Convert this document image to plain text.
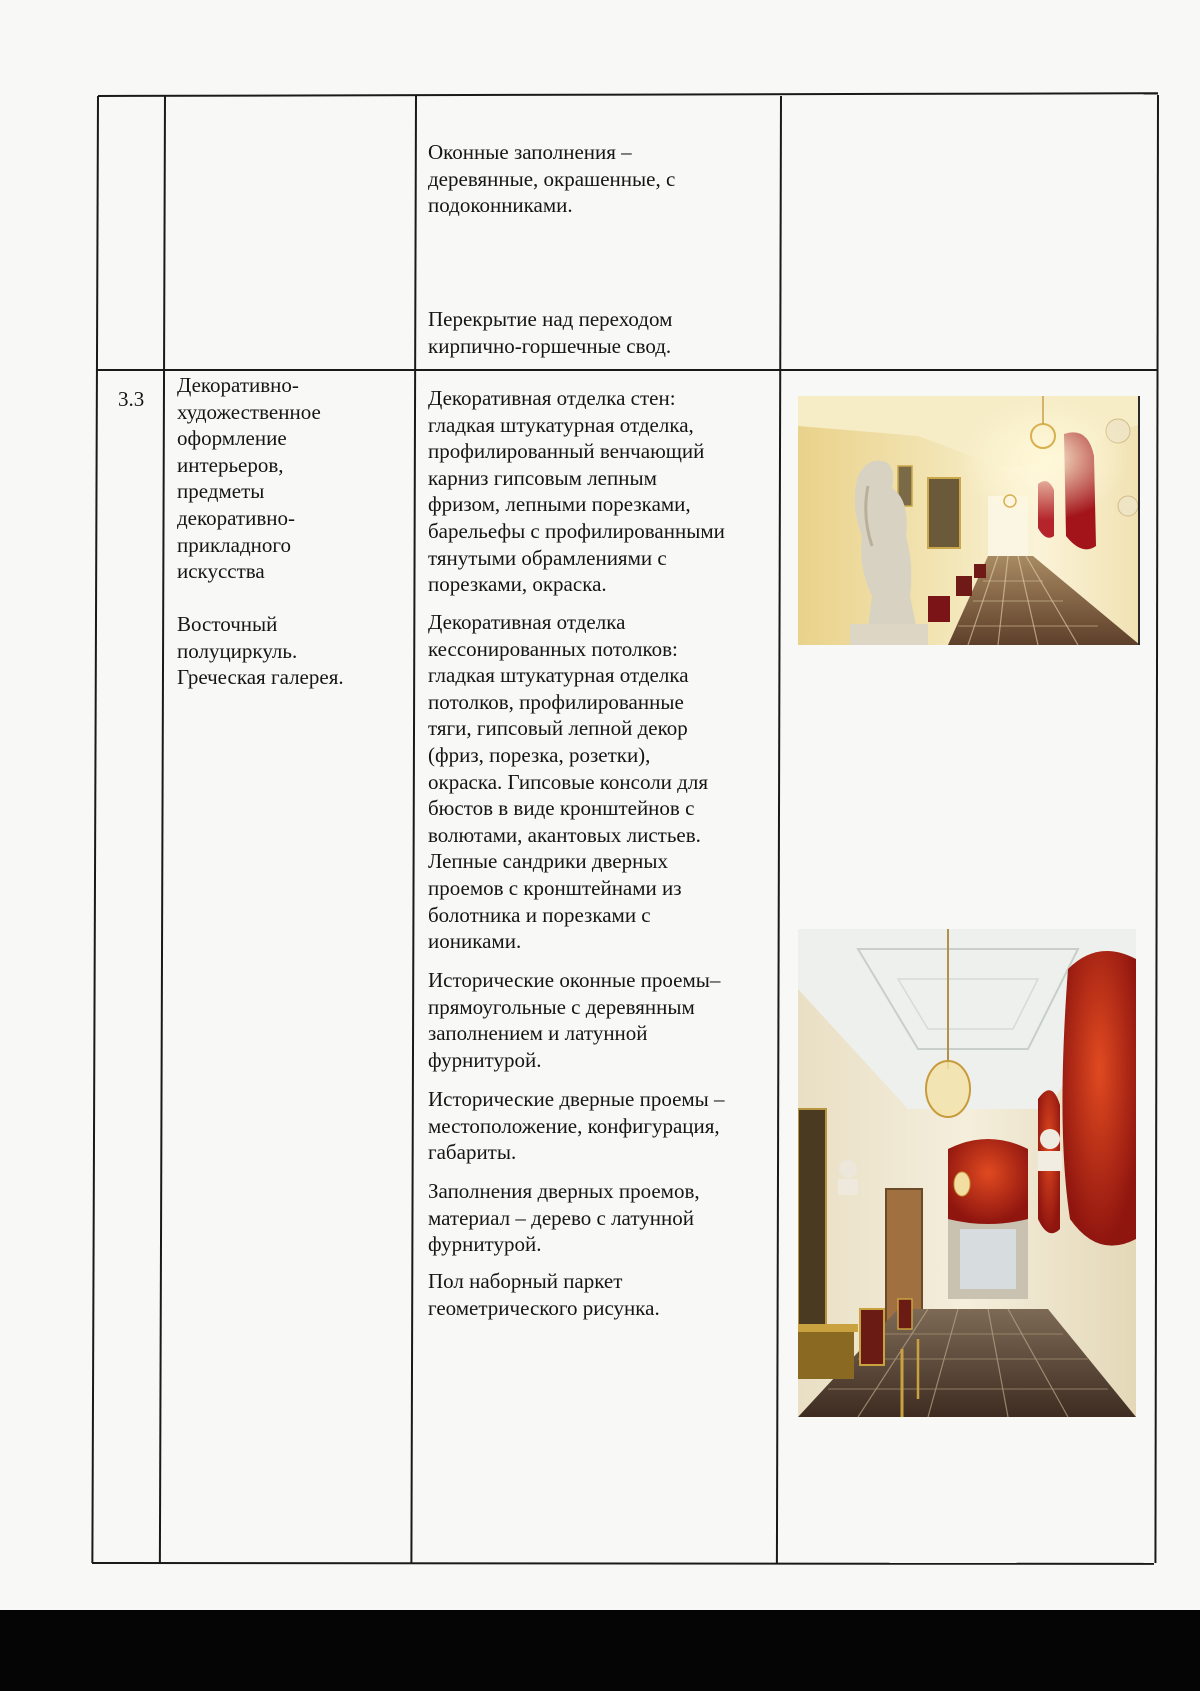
Оконные заполнения –
деревянные, окрашенные, с
подоконниками.

Перекрытие над переходом
кирпично-горшечные свод.

3.3

Декоративно-
художественное
оформление
интерьеров,
предметы
декоративно-
прикладного
искусства

Восточный
полуциркуль.
Греческая галерея.

Декоративная отделка стен:
гладкая штукатурная отделка,
профилированный венчающий
карниз гипсовым лепным
фризом, лепными порезками,
барельефы с профилированными
тянутыми обрамлениями с
порезками, окраска.

Декоративная отделка
кессонированных потолков:
гладкая штукатурная отделка
потолков, профилированные
тяги, гипсовый лепной декор
(фриз, порезка, розетки),
окраска. Гипсовые консоли для
бюстов в виде кронштейнов с
волютами, акантовых листьев.
Лепные сандрики дверных
проемов с кронштейнами из
болотника и порезками с
иониками.

Исторические оконные проемы–
прямоугольные с деревянным
заполнением и латунной
фурнитурой.

Исторические дверные проемы –
местоположение, конфигурация,
габариты.

Заполнения дверных проемов,
материал – дерево с латунной
фурнитурой.

Пол наборный паркет
геометрического рисунка.
